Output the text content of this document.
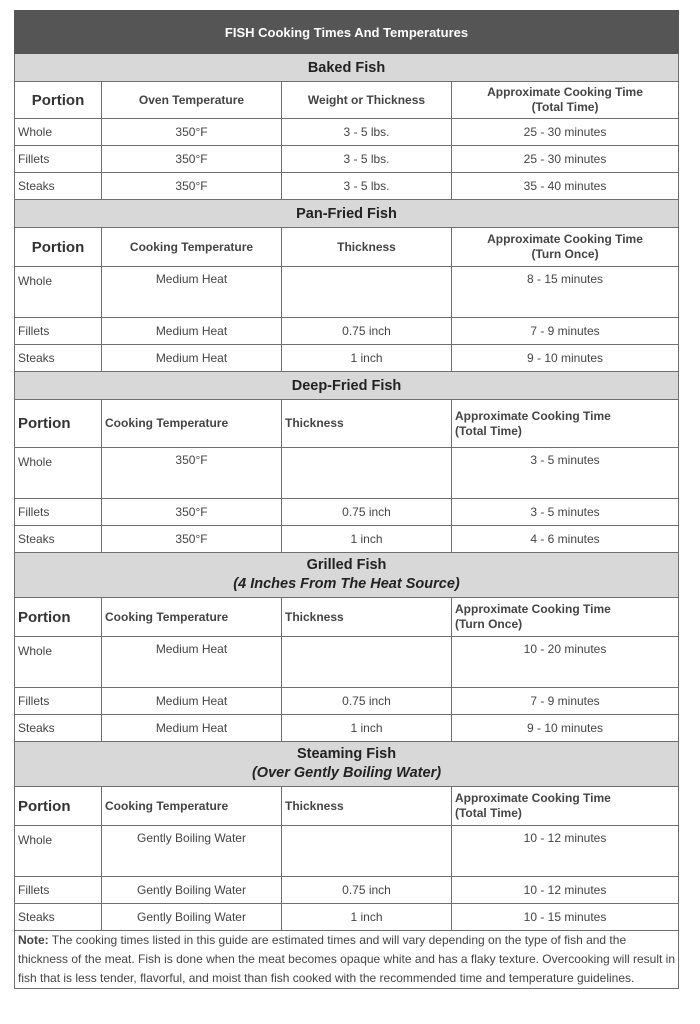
FISH Cooking Times And Temperatures			
Baked Fish			
Portion	Oven Temperature	Weight or Thickness	Approximate Cooking Time
(Total Time)
Whole	350°F	3 - 5 lbs.	25 - 30 minutes
Fillets	350°F	3 - 5 lbs.	25 - 30 minutes
Steaks	350°F	3 - 5 lbs.	35 - 40 minutes
Pan-Fried Fish			
Portion	Cooking Temperature	Thickness	Approximate Cooking Time
(Turn Once)
Whole	Medium Heat		8 - 15 minutes
Fillets	Medium Heat	0.75 inch	7 - 9 minutes
Steaks	Medium Heat	1 inch	9 - 10 minutes
Deep-Fried Fish			
Portion	Cooking Temperature	Thickness	Approximate Cooking Time
(Total Time)
Whole	350°F		3 - 5 minutes
Fillets	350°F	0.75 inch	3 - 5 minutes
Steaks	350°F	1 inch	4 - 6 minutes
Grilled Fish
(4 Inches From The Heat Source)			
Portion	Cooking Temperature	Thickness	Approximate Cooking Time
(Turn Once)
Whole	Medium Heat		10 - 20 minutes
Fillets	Medium Heat	0.75 inch	7 - 9 minutes
Steaks	Medium Heat	1 inch	9 - 10 minutes
Steaming Fish
(Over Gently Boiling Water)			
Portion	Cooking Temperature	Thickness	Approximate Cooking Time
(Total Time)
Whole	Gently Boiling Water		10 - 12 minutes
Fillets	Gently Boiling Water	0.75 inch	10 - 12 minutes
Steaks	Gently Boiling Water	1 inch	10 - 15 minutes
Note: The cooking times listed in this guide are estimated times and will vary depending on the type of fish and the thickness of the meat. Fish is done when the meat becomes opaque white and has a flaky texture. Overcooking will result in fish that is less tender, flavorful, and moist than fish cooked with the recommended time and temperature guidelines.			
